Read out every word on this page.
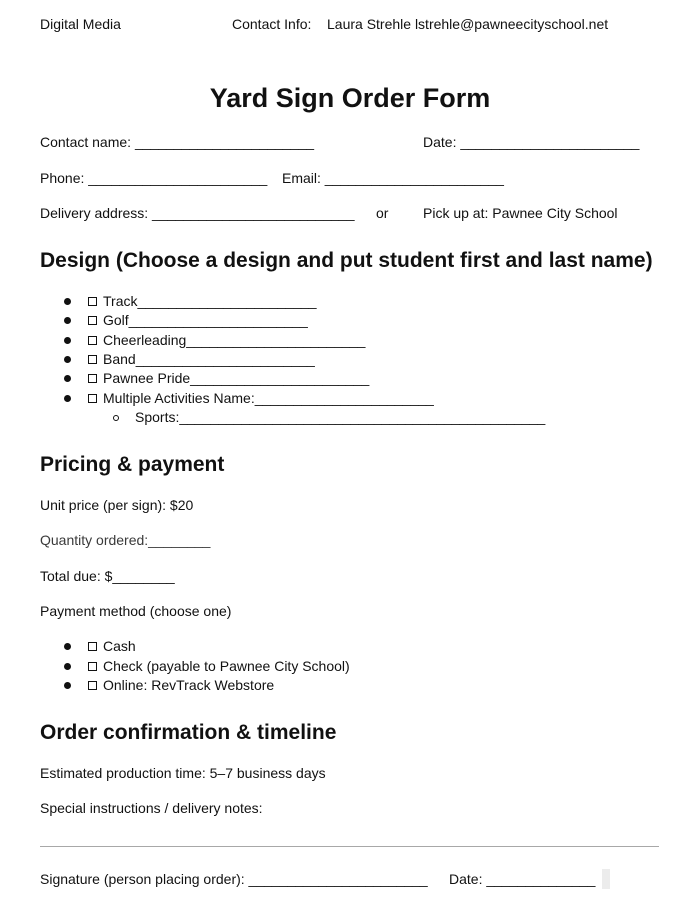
Digital Media	Contact Info: Laura Strehle lstrehle@pawneecityschool.net
Yard Sign Order Form
Contact name: _______________________	Date: _______________________
Phone: _______________________ Email: _______________________
Delivery address: __________________________ or Pick up at: Pawnee City School
Design (Choose a design and put student first and last name)
Track_______________________
Golf_______________________
Cheerleading_______________________
Band_______________________
Pawnee Pride_______________________
Multiple Activities Name:_______________________
Sports:_______________________________________________
Pricing & payment
Unit price (per sign): $20
Quantity ordered:________
Total due: $________
Payment method (choose one)
Cash
Check (payable to Pawnee City School)
Online: RevTrack Webstore
Order confirmation & timeline
Estimated production time: 5–7 business days
Special instructions / delivery notes:
Signature (person placing order): _______________________ Date: ______________
